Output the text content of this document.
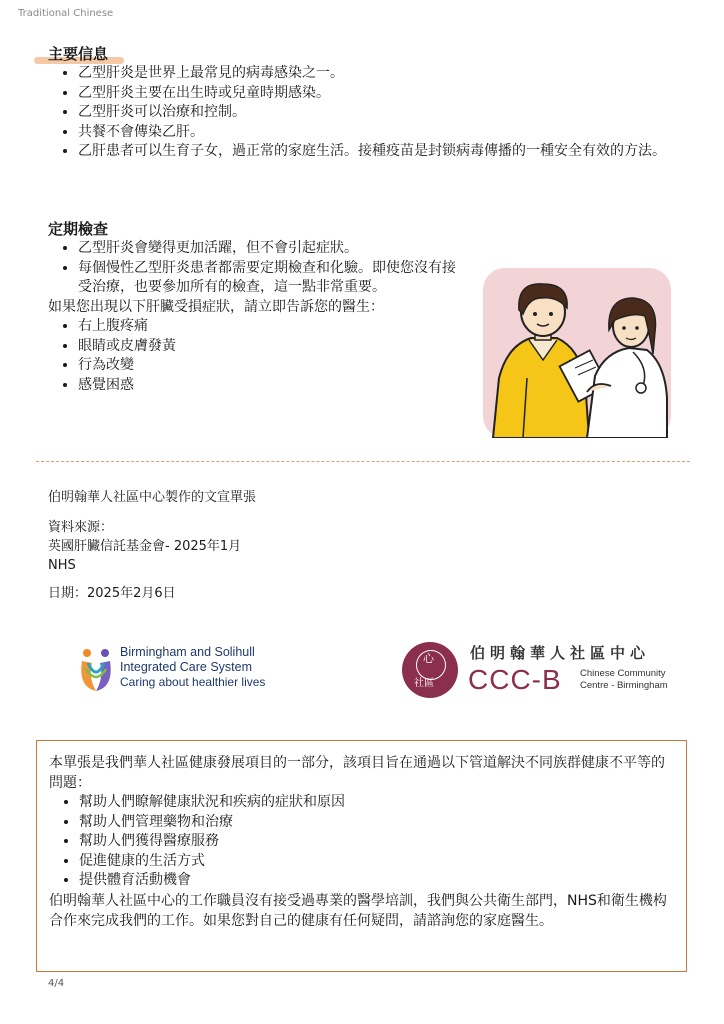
Traditional Chinese
主要信息
• 乙型肝炎是世界上最常見的病毒感染之一。
• 乙型肝炎主要在出生時或兒童時期感染。
• 乙型肝炎可以治療和控制。
• 共餐不會傳染乙肝。
• 乙肝患者可以生育子女，過正常的家庭生活。接種疫苗是封锁病毒傳播的一種安全有效的方法。
定期檢查
• 乙型肝炎會變得更加活躍，但不會引起症狀。
• 每個慢性乙型肝炎患者都需要定期檢查和化驗。即使您沒有接受治療，也要參加所有的檢查，這一點非常重要。

如果您出現以下肝臟受損症狀，請立即告訴您的醫生：

• 右上腹疼痛
• 眼睛或皮膚發黃
• 行為改變
• 感覺困惑
伯明翰華人社區中心製作的文宣單張
資料來源：
英國肝臟信託基金會- 2025年1月
NHS
日期：2025年2月6日
Birmingham and Solihull
Integrated Care System
Caring about healthier lives
心
社區
伯明翰華人社區中心
CCC-B Chinese Community
Centre - Birmingham

本單張是我們華人社區健康發展項目的一部分，該項目旨在通過以下管道解決不同族群健康不平等的問題：

• 幫助人們瞭解健康狀況和疾病的症狀和原因
• 幫助人們管理藥物和治療
• 幫助人們獲得醫療服務
• 促進健康的生活方式
• 提供體育活動機會

伯明翰華人社區中心的工作職員沒有接受過專業的醫學培訓，我們與公共衛生部門，NHS和衛生機构合作來完成我們的工作。如果您對自己的健康有任何疑問，請諮詢您的家庭醫生。

4/4
